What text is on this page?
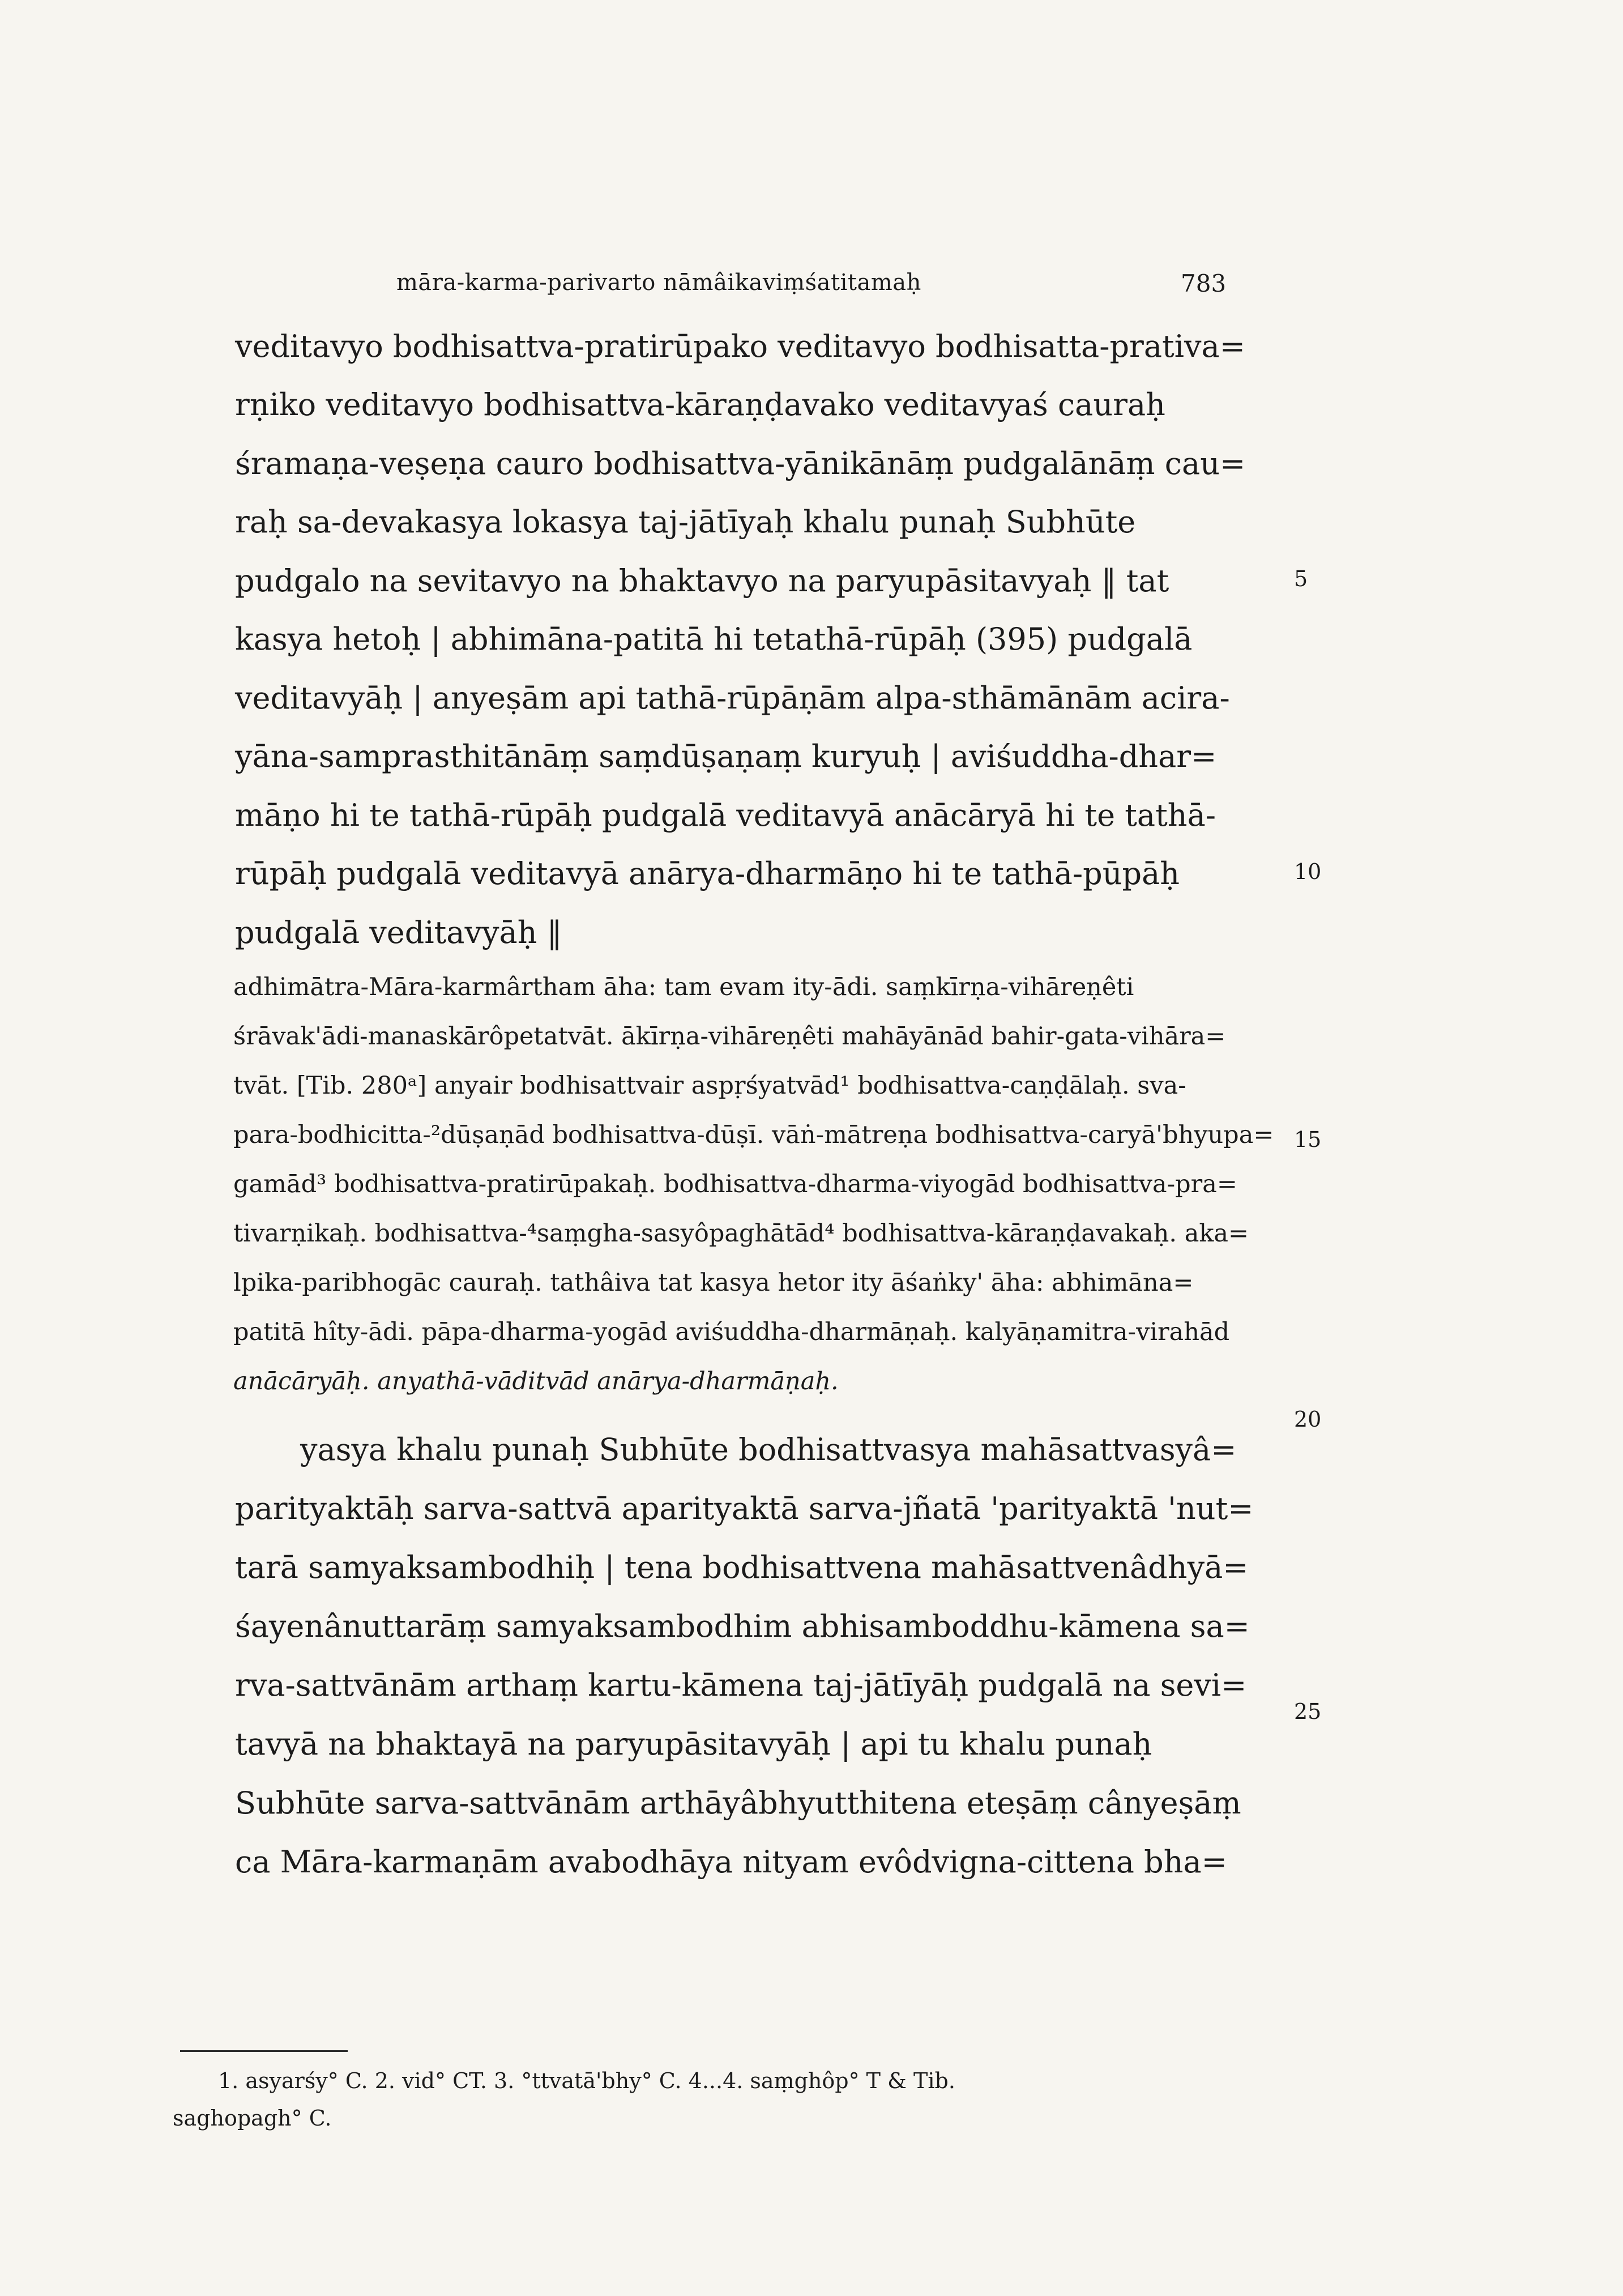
māra-karma-parivarto nāmâikaviṃśatitamaḥ	783
veditavyo bodhisattva-pratirūpako veditavyo bodhisatta-prativa=
rṇiko veditavyo bodhisattva-kāraṇḍavako veditavyaś cauraḥ
śramaṇa-veṣeṇa cauro bodhisattva-yānikānāṃ pudgalānāṃ cau=
raḥ sa-devakasya lokasya taj-jātīyaḥ khalu punaḥ Subhūte
pudgalo na sevitavyo na bhaktavyo na paryupāsitavyaḥ ‖ tat
kasya hetoḥ | abhimāna-patitā hi tetathā-rūpāḥ (395) pudgalā
veditavyāḥ | anyeṣām api tathā-rūpāṇām alpa-sthāmānām acira-
yāna-samprasthitānāṃ saṃdūṣaṇaṃ kuryuḥ | aviśuddha-dhar=
māṇo hi te tathā-rūpāḥ pudgalā veditavyā anācāryā hi te tathā-
rūpāḥ pudgalā veditavyā anārya-dharmāṇo hi te tathā-pūpāḥ
pudgalā veditavyāḥ ‖
adhimātra-Māra-karmârtham āha: tam evam ity-ādi. saṃkīrṇa-vihāreṇêti
śrāvak'ādi-manaskārôpetatvāt. ākīrṇa-vihāreṇêti mahāyānād bahir-gata-vihāra=
tvāt. [Tib. 280ᵃ] anyair bodhisattvair aspṛśyatvād¹ bodhisattva-caṇḍālaḥ. sva-
para-bodhicitta-²dūṣaṇād bodhisattva-dūṣī. vāṅ-mātreṇa bodhisattva-caryā'bhyupa=
gamād³ bodhisattva-pratirūpakaḥ. bodhisattva-dharma-viyogād bodhisattva-pra=
tivarṇikaḥ. bodhisattva-⁴saṃgha-sasyôpaghātād⁴ bodhisattva-kāraṇḍavakaḥ. aka=
lpika-paribhogāc cauraḥ. tathâiva tat kasya hetor ity āśaṅky' āha: abhimāna=
patitā hîty-ādi. pāpa-dharma-yogād aviśuddha-dharmāṇaḥ. kalyāṇamitra-virahād
anācāryāḥ. anyathā-vāditvād anārya-dharmāṇaḥ.
yasya khalu punaḥ Subhūte bodhisattvasya mahāsattvasyâ=
parityaktāḥ sarva-sattvā aparityaktā sarva-jñatā 'parityaktā 'nut=
tarā samyaksambodhiḥ | tena bodhisattvena mahāsattvenâdhyā=
śayenânuttarāṃ samyaksambodhim abhisamboddhu-kāmena sa=
rva-sattvānām arthaṃ kartu-kāmena taj-jātīyāḥ pudgalā na sevi=
tavyā na bhaktayā na paryupāsitavyāḥ | api tu khalu punaḥ
Subhūte sarva-sattvānām arthāyâbhyutthitena eteṣāṃ cânyeṣāṃ
ca Māra-karmaṇām avabodhāya nityam evôdvigna-cittena bha=
5
10
15
20
25
1. asyarśy° C. 2. vid° CT. 3. °ttvatā'bhy° C. 4...4. saṃghôp° T & Tib.
saghopagh° C.
